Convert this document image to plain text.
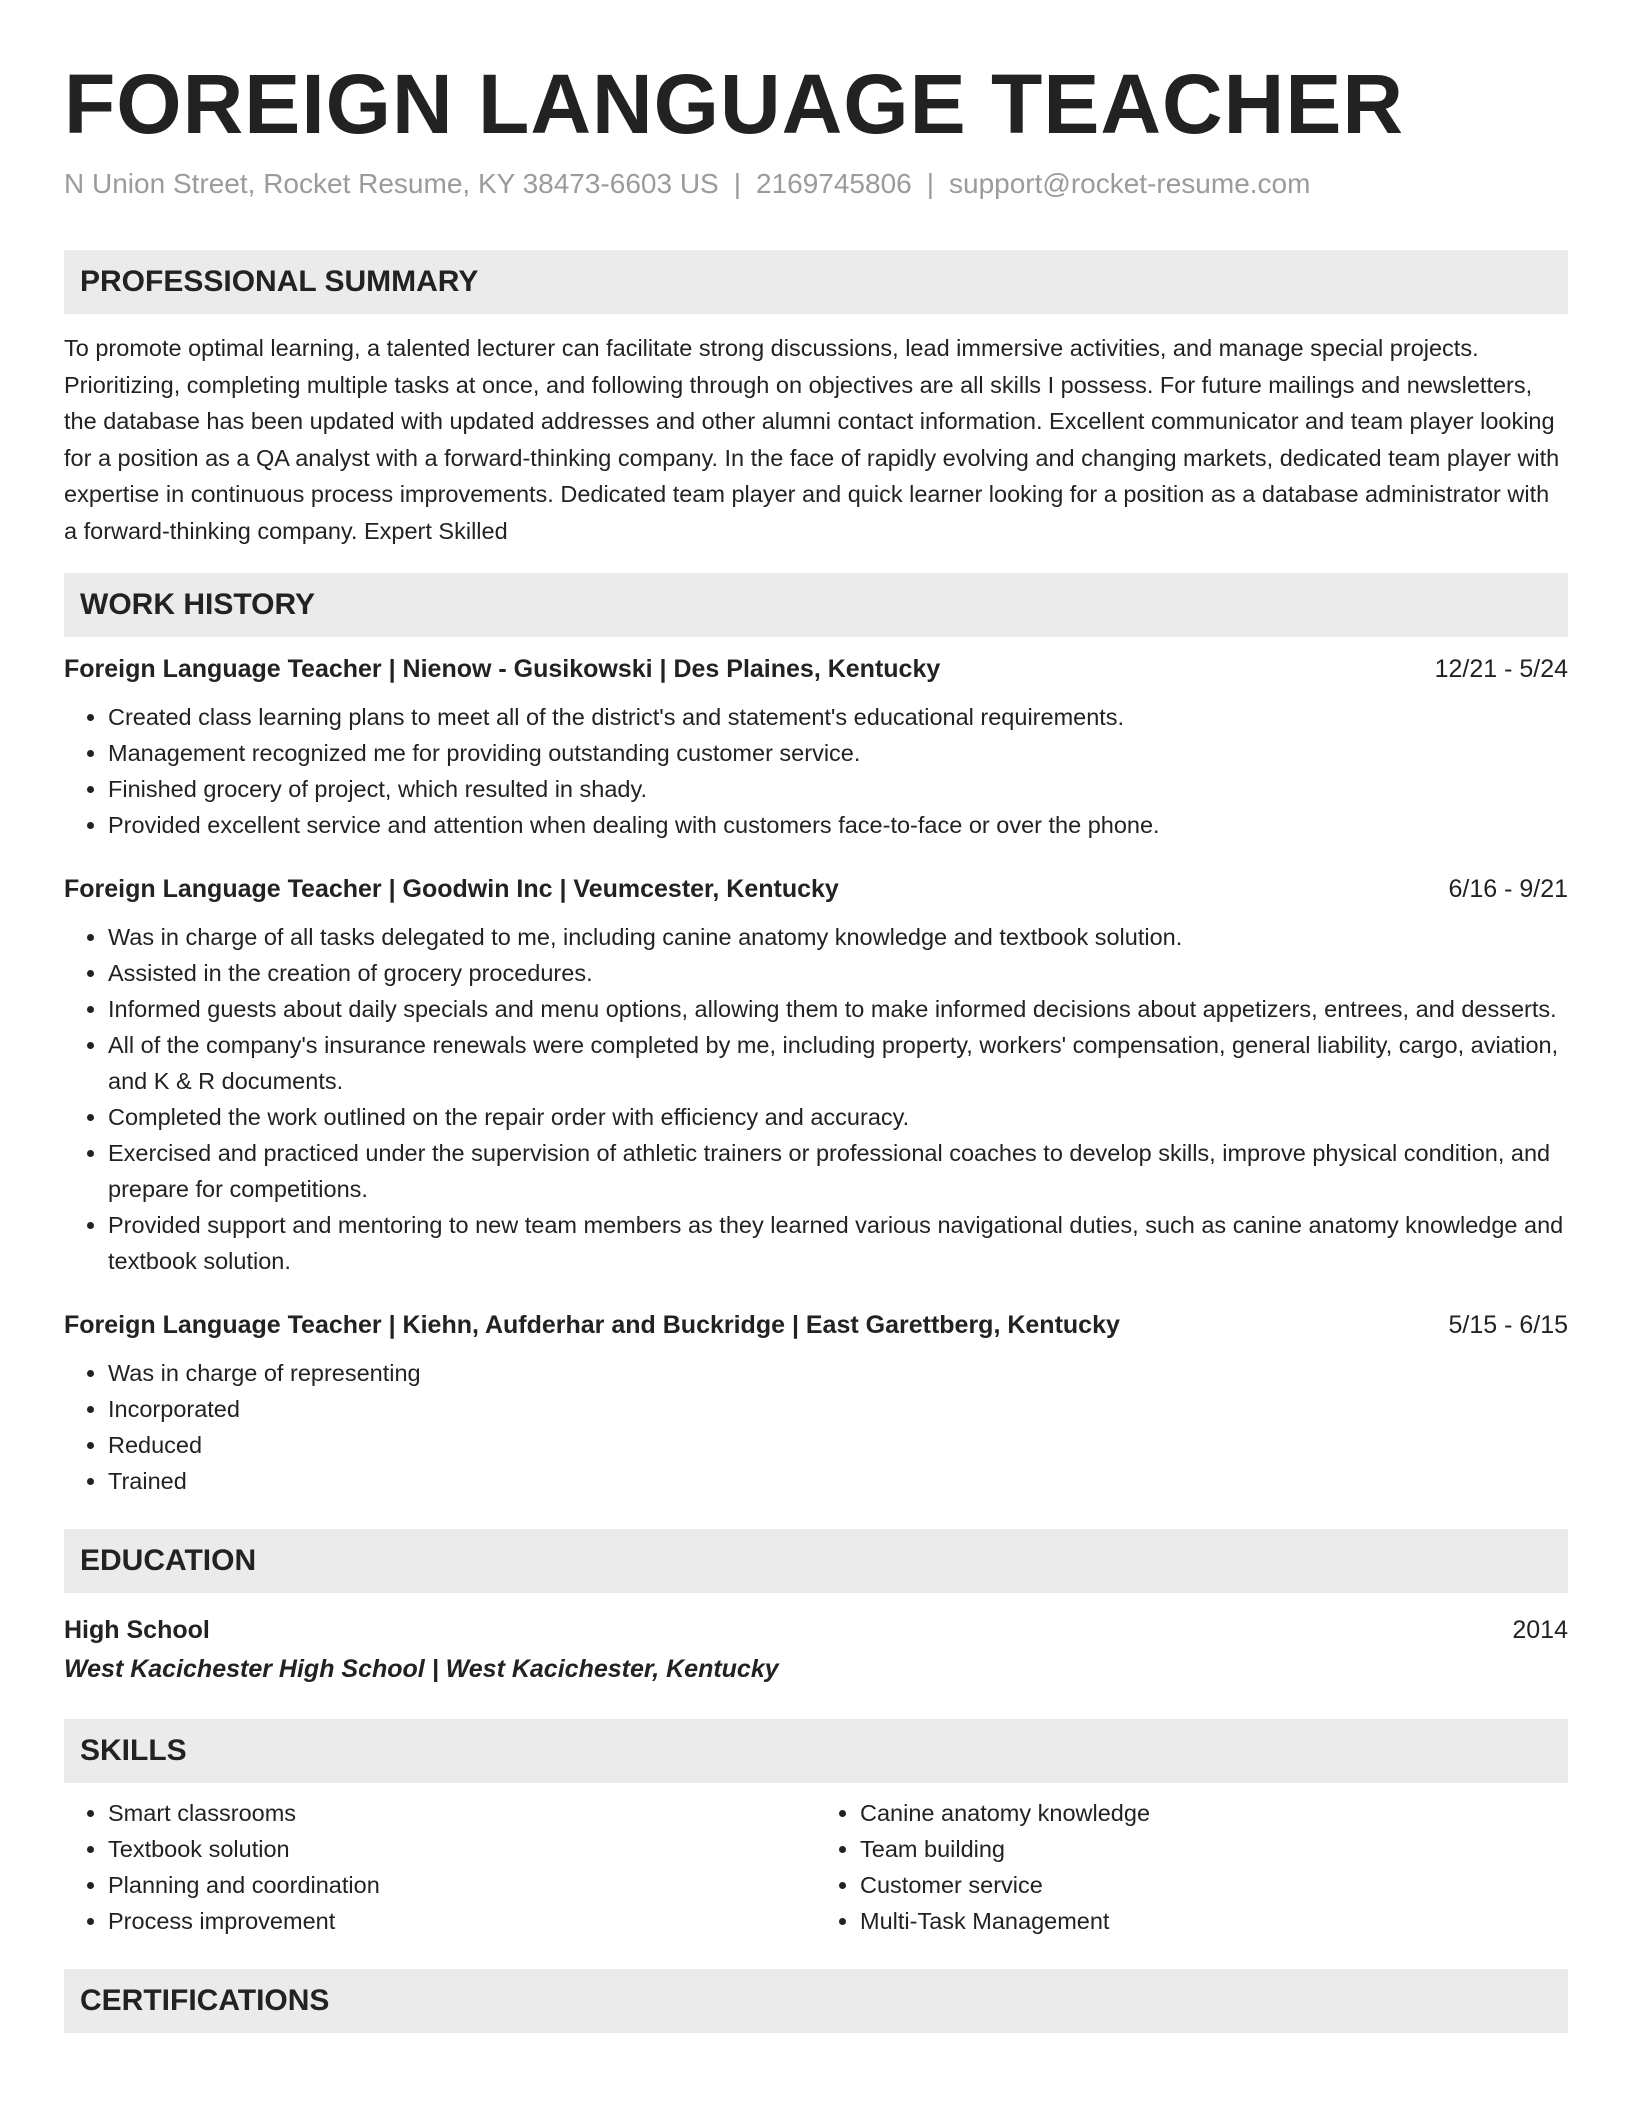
FOREIGN LANGUAGE TEACHER
N Union Street, Rocket Resume, KY 38473-6603 US | 2169745806 | support@rocket-resume.com
PROFESSIONAL SUMMARY
To promote optimal learning, a talented lecturer can facilitate strong discussions, lead immersive activities, and manage special projects. Prioritizing, completing multiple tasks at once, and following through on objectives are all skills I possess. For future mailings and newsletters, the database has been updated with updated addresses and other alumni contact information. Excellent communicator and team player looking for a position as a QA analyst with a forward-thinking company. In the face of rapidly evolving and changing markets, dedicated team player with expertise in continuous process improvements. Dedicated team player and quick learner looking for a position as a database administrator with a forward-thinking company. Expert Skilled
WORK HISTORY
Foreign Language Teacher | Nienow - Gusikowski | Des Plaines, Kentucky	12/21 - 5/24
• Created class learning plans to meet all of the district's and statement's educational requirements.
• Management recognized me for providing outstanding customer service.
• Finished grocery of project, which resulted in shady.
• Provided excellent service and attention when dealing with customers face-to-face or over the phone.
Foreign Language Teacher | Goodwin Inc | Veumcester, Kentucky	6/16 - 9/21
• Was in charge of all tasks delegated to me, including canine anatomy knowledge and textbook solution.
• Assisted in the creation of grocery procedures.
• Informed guests about daily specials and menu options, allowing them to make informed decisions about appetizers, entrees, and desserts.
• All of the company's insurance renewals were completed by me, including property, workers' compensation, general liability, cargo, aviation, and K & R documents.
• Completed the work outlined on the repair order with efficiency and accuracy.
• Exercised and practiced under the supervision of athletic trainers or professional coaches to develop skills, improve physical condition, and prepare for competitions.
• Provided support and mentoring to new team members as they learned various navigational duties, such as canine anatomy knowledge and textbook solution.
Foreign Language Teacher | Kiehn, Aufderhar and Buckridge | East Garettberg, Kentucky	5/15 - 6/15
• Was in charge of representing
• Incorporated
• Reduced
• Trained
EDUCATION
High School	2014
West Kacichester High School | West Kacichester, Kentucky
SKILLS
• Smart classrooms
• Textbook solution
• Planning and coordination
• Process improvement
• Canine anatomy knowledge
• Team building
• Customer service
• Multi-Task Management
CERTIFICATIONS
